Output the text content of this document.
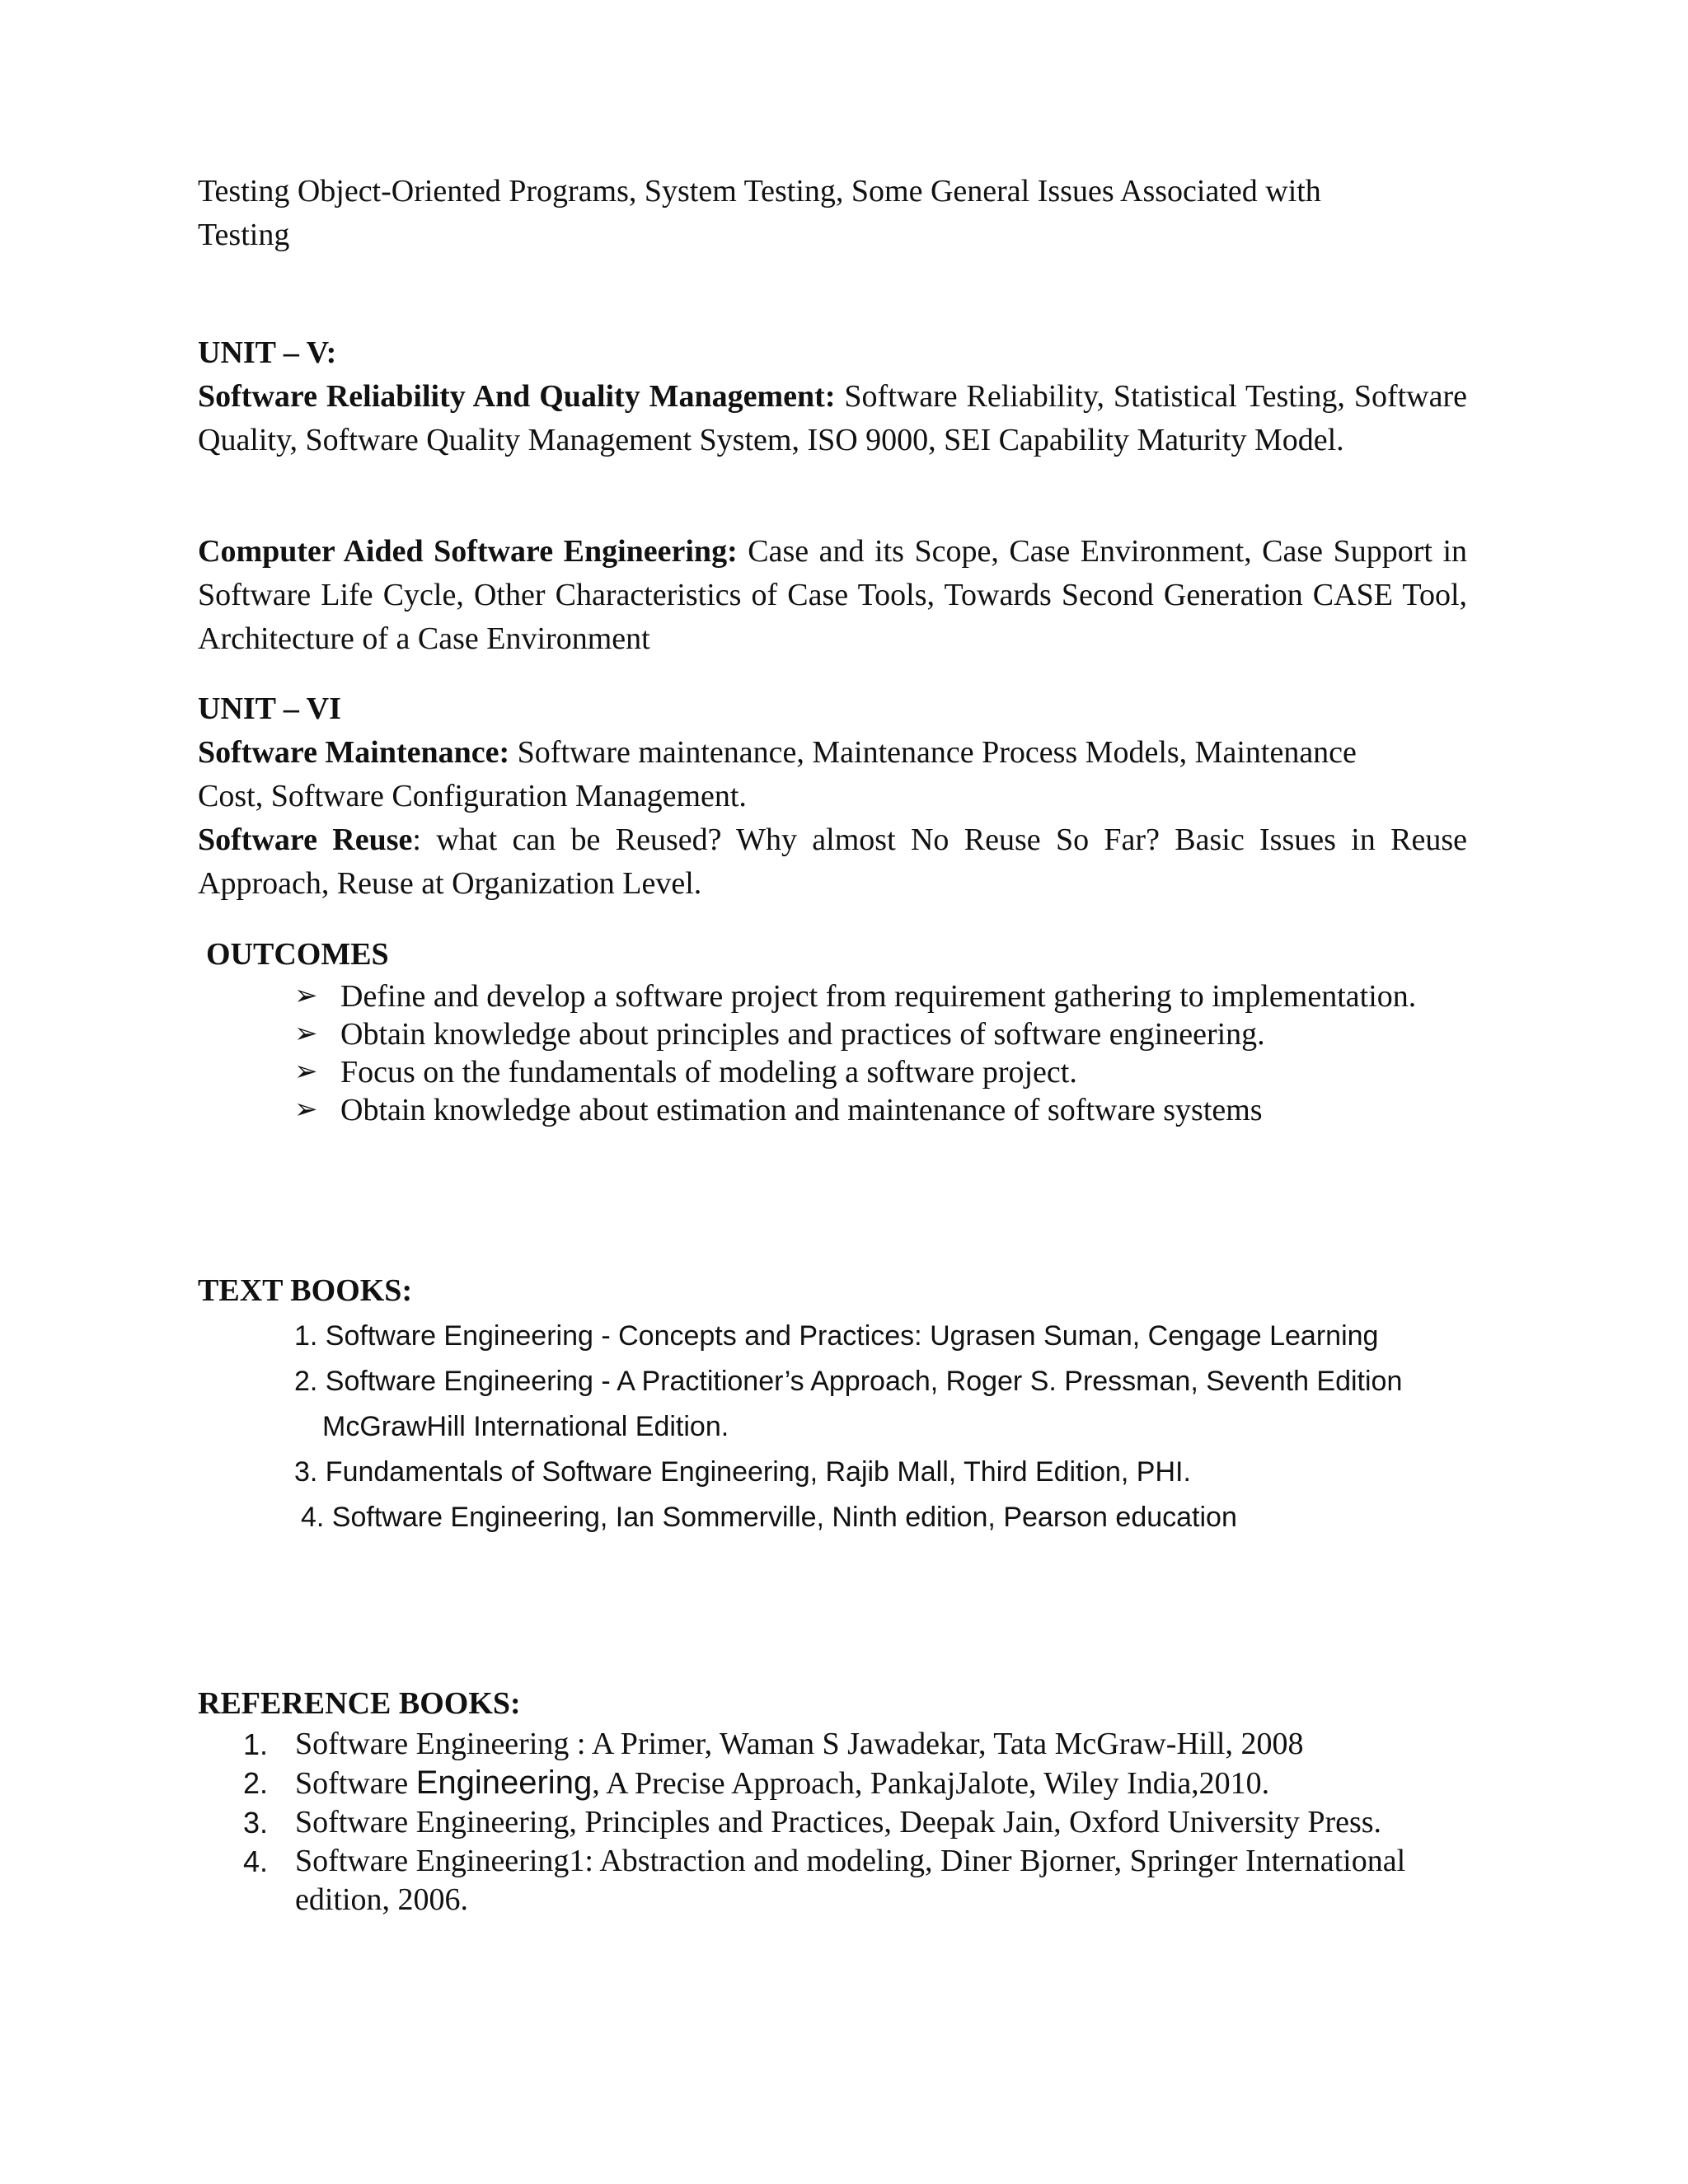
Testing Object-Oriented Programs, System Testing, Some General Issues Associated with
Testing
UNIT – V:

Software Reliability And Quality Management: Software Reliability, Statistical Testing, Software Quality, Software Quality Management System, ISO 9000, SEI Capability Maturity Model.

Computer Aided Software Engineering: Case and its Scope, Case Environment, Case Support in Software Life Cycle, Other Characteristics of Case Tools, Towards Second Generation CASE Tool, Architecture of a Case Environment

UNIT – VI
Software Maintenance: Software maintenance, Maintenance Process Models, Maintenance
Cost, Software Configuration Management.

Software Reuse: what can be Reused? Why almost No Reuse So Far? Basic Issues in Reuse Approach, Reuse at Organization Level.

OUTCOMES
➢ Define and develop a software project from requirement gathering to implementation.
➢ Obtain knowledge about principles and practices of software engineering.
➢ Focus on the fundamentals of modeling a software project.
➢ Obtain knowledge about estimation and maintenance of software systems
TEXT BOOKS:
1. Software Engineering - Concepts and Practices: Ugrasen Suman, Cengage Learning
2. Software Engineering - A Practitioner’s Approach, Roger S. Pressman, Seventh Edition
McGrawHill International Edition.
3. Fundamentals of Software Engineering, Rajib Mall, Third Edition, PHI.
4. Software Engineering, Ian Sommerville, Ninth edition, Pearson education
REFERENCE BOOKS:
1. Software Engineering : A Primer, Waman S Jawadekar, Tata McGraw-Hill, 2008
2. Software Engineering, A Precise Approach, PankajJalote, Wiley India,2010.
3. Software Engineering, Principles and Practices, Deepak Jain, Oxford University Press.
4. Software Engineering1: Abstraction and modeling, Diner Bjorner, Springer International edition, 2006.
